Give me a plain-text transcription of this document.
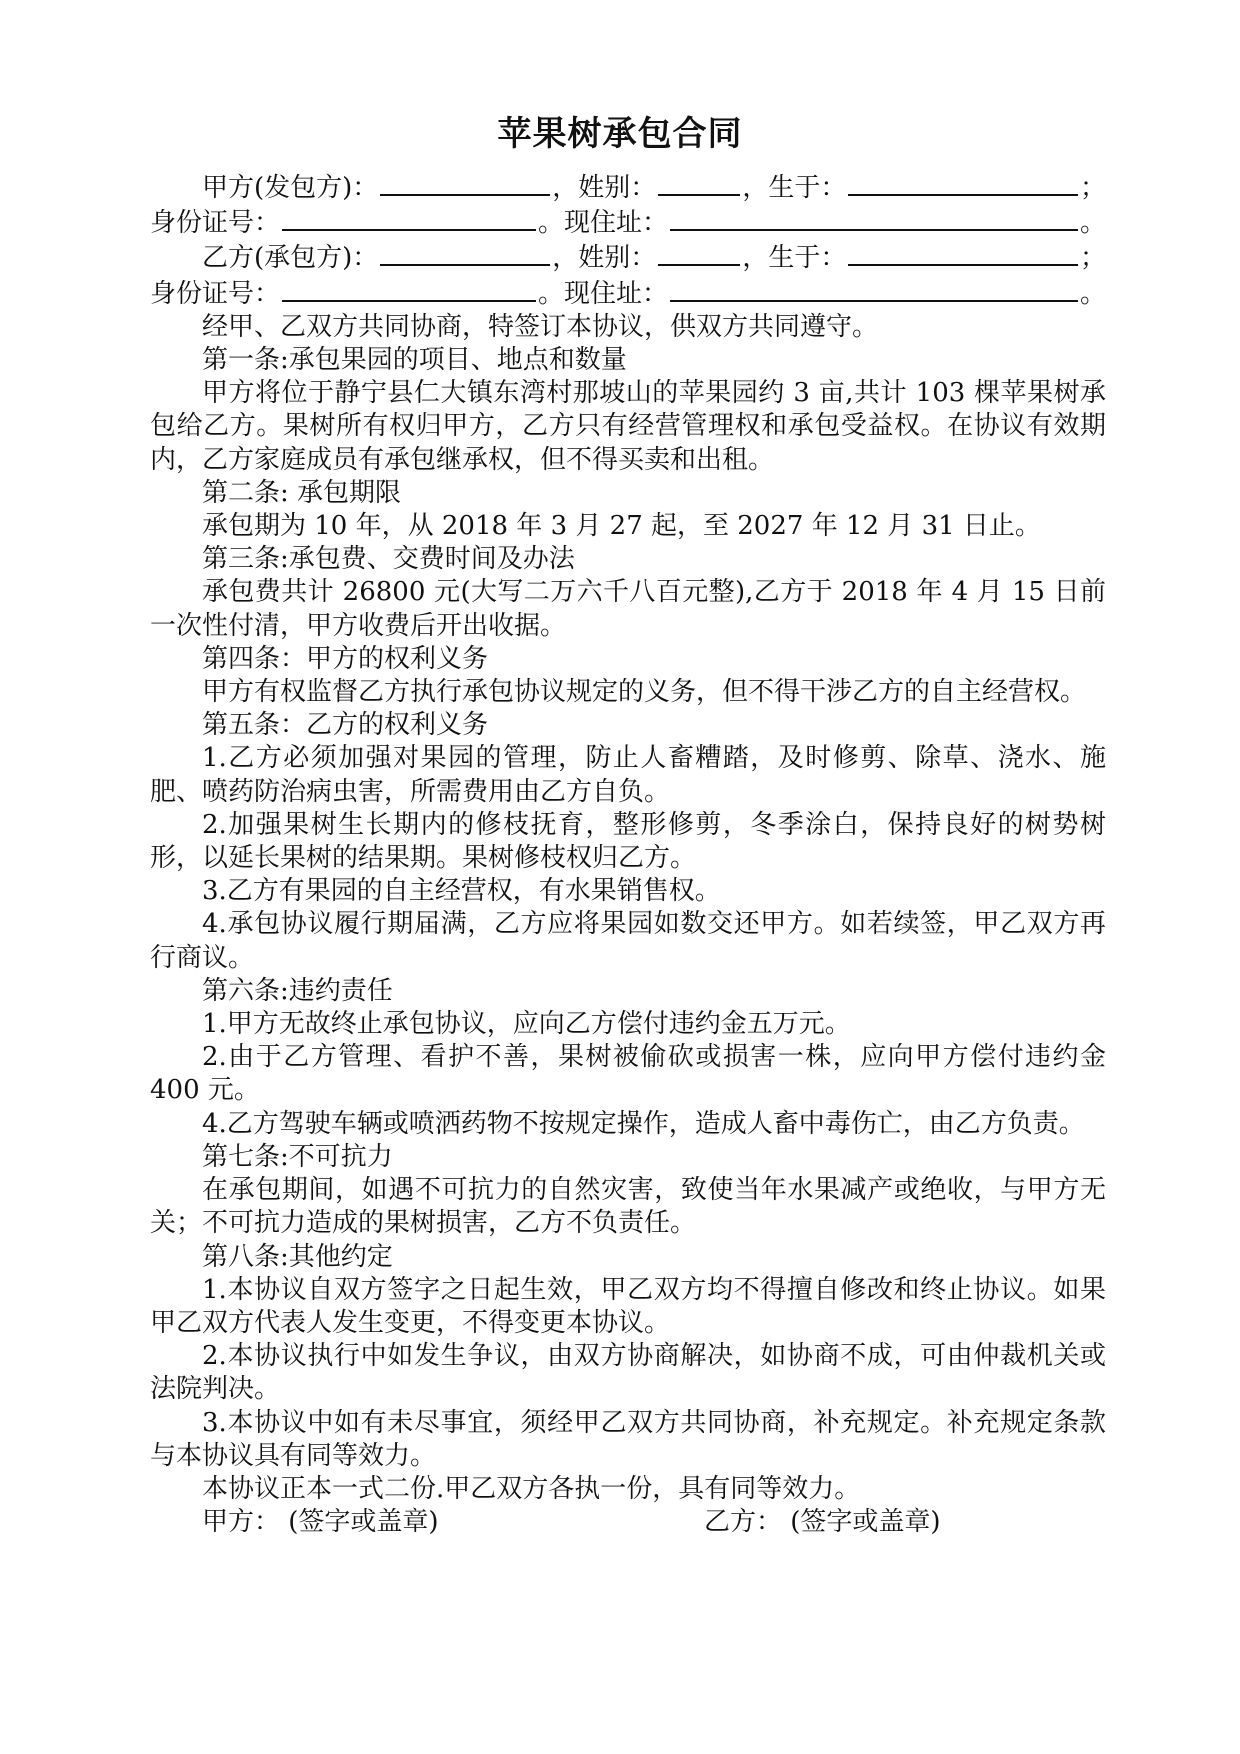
苹果树承包合同
甲方(发包方)：	，姓别：	，生于：	；
身份证号：	。现住址：	。
乙方(承包方)：	，姓别：	，生于：	；
身份证号：	。现住址：	。

经甲、乙双方共同协商，特签订本协议，供双方共同遵守。

第一条:承包果园的项目、地点和数量

甲方将位于静宁县仁大镇东湾村那坡山的苹果园约 3 亩,共计 103 棵苹果树承包给乙方。果树所有权归甲方，乙方只有经营管理权和承包受益权。在协议有效期内，乙方家庭成员有承包继承权，但不得买卖和出租。

第二条: 承包期限

承包期为 10 年，从 2018 年 3 月 27 起，至 2027 年 12 月 31 日止。

第三条:承包费、交费时间及办法

承包费共计 26800 元(大写二万六千八百元整),乙方于 2018 年 4 月 15 日前一次性付清，甲方收费后开出收据。

第四条：甲方的权利义务

甲方有权监督乙方执行承包协议规定的义务，但不得干涉乙方的自主经营权。

第五条：乙方的权利义务

1.乙方必须加强对果园的管理，防止人畜糟踏，及时修剪、除草、浇水、施肥、喷药防治病虫害，所需费用由乙方自负。

2.加强果树生长期内的修枝抚育，整形修剪，冬季涂白，保持良好的树势树形，以延长果树的结果期。果树修枝权归乙方。

3.乙方有果园的自主经营权，有水果销售权。

4.承包协议履行期届满，乙方应将果园如数交还甲方。如若续签，甲乙双方再行商议。

第六条:违约责任

1.甲方无故终止承包协议，应向乙方偿付违约金五万元。

2.由于乙方管理、看护不善，果树被偷砍或损害一株，应向甲方偿付违约金 400 元。

4.乙方驾驶车辆或喷洒药物不按规定操作，造成人畜中毒伤亡，由乙方负责。

第七条:不可抗力

在承包期间，如遇不可抗力的自然灾害，致使当年水果减产或绝收，与甲方无关；不可抗力造成的果树损害，乙方不负责任。

第八条:其他约定

1.本协议自双方签字之日起生效，甲乙双方均不得擅自修改和终止协议。如果甲乙双方代表人发生变更，不得变更本协议。

2.本协议执行中如发生争议，由双方协商解决，如协商不成，可由仲裁机关或法院判决。

3.本协议中如有未尽事宜，须经甲乙双方共同协商，补充规定。补充规定条款与本协议具有同等效力。

本协议正本一式二份.甲乙双方各执一份，具有同等效力。

甲方： (签字或盖章)	乙方： (签字或盖章)
